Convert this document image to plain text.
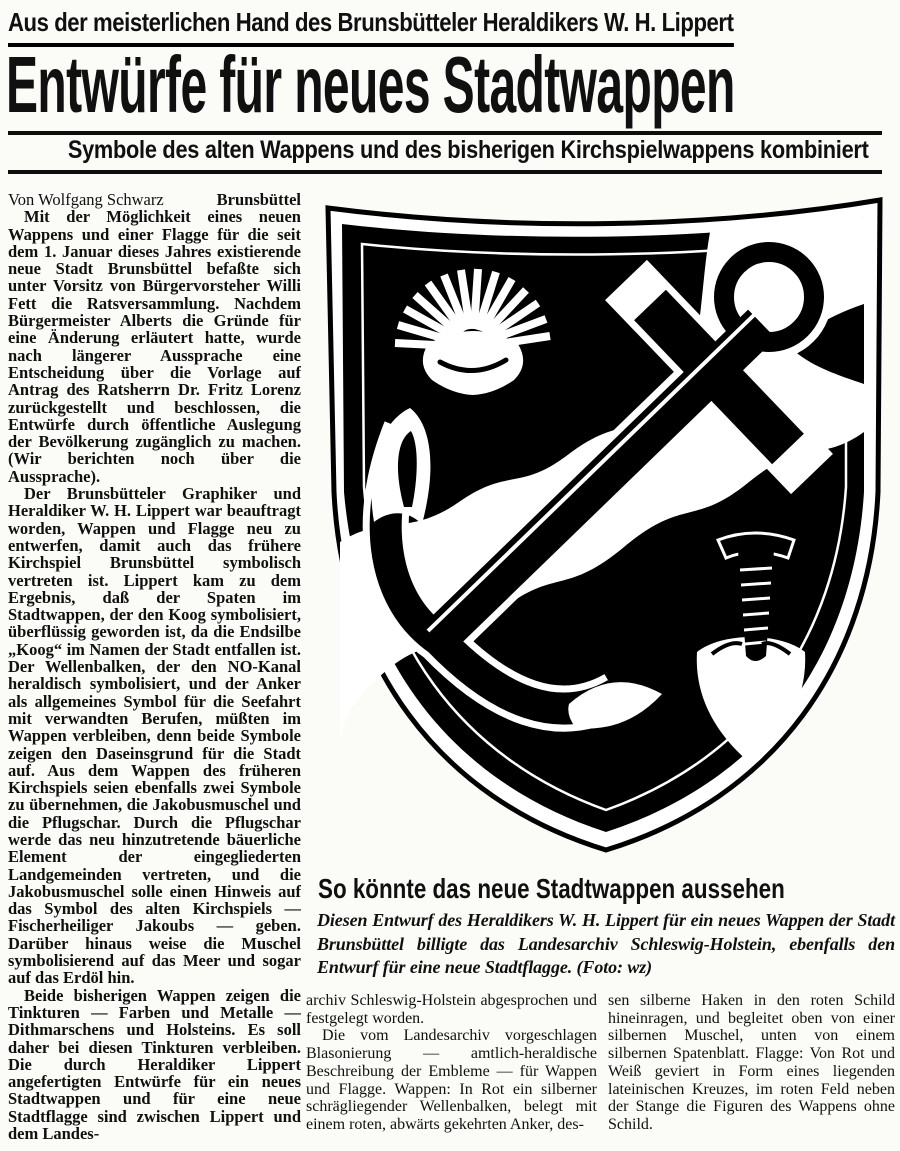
Aus der meisterlichen Hand des Brunsbütteler Heraldikers W. H. Lippert
Entwürfe für neues Stadtwappen
Symbole des alten Wappens und des bisherigen Kirchspielwappens kombiniert

Von Wolfgang Schwarz	Brunsbüttel

Mit der Möglichkeit eines neuen Wappens und einer Flagge für die seit dem 1. Januar dieses Jahres existierende neue Stadt Brunsbüttel befaßte sich unter Vorsitz von Bürgervorsteher Willi Fett die Ratsversammlung. Nachdem Bürgermeister Alberts die Gründe für eine Änderung erläutert hatte, wurde nach längerer Aussprache eine Entscheidung über die Vorlage auf Antrag des Ratsherrn Dr. Fritz Lorenz zurückgestellt und beschlossen, die Entwürfe durch öffentliche Auslegung der Bevölkerung zugänglich zu machen. (Wir berichten noch über die Aussprache).

Der Brunsbütteler Graphiker und Heraldiker W. H. Lippert war beauftragt worden, Wappen und Flagge neu zu entwerfen, damit auch das frühere Kirchspiel Brunsbüttel symbolisch vertreten ist. Lippert kam zu dem Ergebnis, daß der Spaten im Stadtwappen, der den Koog symbolisiert, überflüssig geworden ist, da die Endsilbe „Koog“ im Namen der Stadt entfallen ist. Der Wellenbalken, der den NO-Kanal heraldisch symbolisiert, und der Anker als allgemeines Symbol für die Seefahrt mit verwandten Berufen, müßten im Wappen verbleiben, denn beide Symbole zeigen den Daseinsgrund für die Stadt auf. Aus dem Wappen des früheren Kirchspiels seien ebenfalls zwei Symbole zu übernehmen, die Jakobusmuschel und die Pflugschar. Durch die Pflugschar werde das neu hinzutretende bäuerliche Element der eingegliederten Landgemeinden vertreten, und die Jakobusmuschel solle einen Hinweis auf das Symbol des alten Kirchspiels — Fischerheiliger Jakoubs — geben. Darüber hinaus weise die Muschel symbolisierend auf das Meer und sogar auf das Erdöl hin.

Beide bisherigen Wappen zeigen die Tinkturen — Farben und Metalle — Dithmarschens und Holsteins. Es soll daher bei diesen Tinkturen verbleiben. Die durch Heraldiker Lippert angefertigten Entwürfe für ein neues Stadtwappen und für eine neue Stadtflagge sind zwischen Lippert und dem Landes-

So könnte das neue Stadtwappen aussehen
Diesen Entwurf des Heraldikers W. H. Lippert für ein neues Wappen der Stadt Brunsbüttel billigte das Landesarchiv Schleswig-Holstein, ebenfalls den Entwurf für eine neue Stadtflagge. (Foto: wz)

archiv Schleswig-Holstein abgesprochen und festgelegt worden.

Die vom Landesarchiv vorgeschlagen Blasonierung — amtlich-heraldische Beschreibung der Embleme — für Wappen und Flagge. Wappen: In Rot ein silberner schrägliegender Wellenbalken, belegt mit einem roten, abwärts gekehrten Anker, des-

sen silberne Haken in den roten Schild hineinragen, und begleitet oben von einer silbernen Muschel, unten von einem silbernen Spatenblatt. Flagge: Von Rot und Weiß geviert in Form eines liegenden lateinischen Kreuzes, im roten Feld neben der Stange die Figuren des Wappens ohne Schild.
